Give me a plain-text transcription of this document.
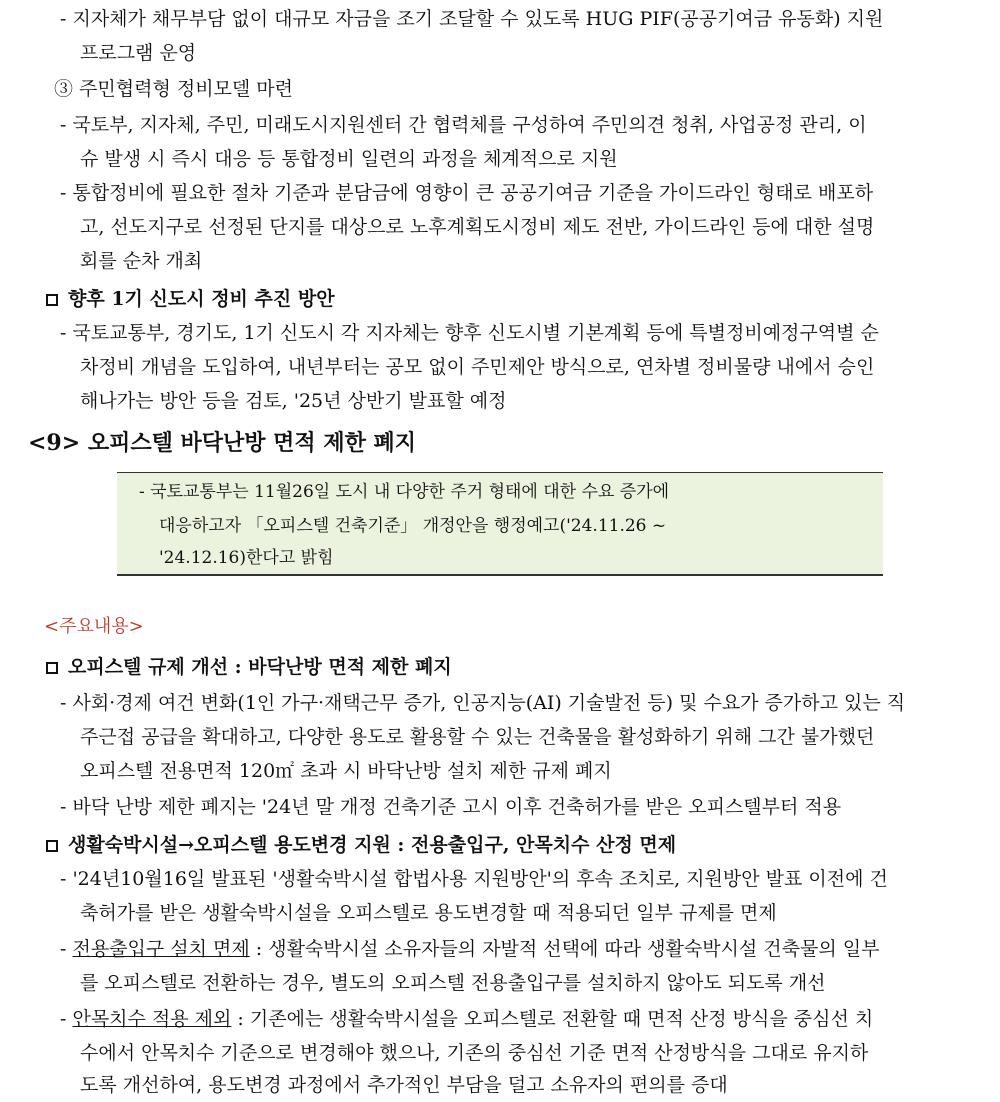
- 지자체가 채무부담 없이 대규모 자금을 조기 조달할 수 있도록 HUG PIF(공공기여금 유동화) 지원
프로그램 운영
③ 주민협력형 정비모델 마련
- 국토부, 지자체, 주민, 미래도시지원센터 간 협력체를 구성하여 주민의견 청취, 사업공정 관리, 이
슈 발생 시 즉시 대응 등 통합정비 일련의 과정을 체계적으로 지원
- 통합정비에 필요한 절차 기준과 분담금에 영향이 큰 공공기여금 기준을 가이드라인 형태로 배포하
고, 선도지구로 선정된 단지를 대상으로 노후계획도시정비 제도 전반, 가이드라인 등에 대한 설명
회를 순차 개최
향후 1기 신도시 정비 추진 방안
- 국토교통부, 경기도, 1기 신도시 각 지자체는 향후 신도시별 기본계획 등에 특별정비예정구역별 순
차정비 개념을 도입하여, 내년부터는 공모 없이 주민제안 방식으로, 연차별 정비물량 내에서 승인
해나가는 방안 등을 검토, '25년 상반기 발표할 예정
<9> 오피스텔 바닥난방 면적 제한 폐지
- 국토교통부는 11월26일 도시 내 다양한 주거 형태에 대한 수요 증가에
대응하고자 「오피스텔 건축기준」 개정안을 행정예고('24.11.26 ~
'24.12.16)한다고 밝힘
<주요내용>
오피스텔 규제 개선 : 바닥난방 면적 제한 폐지
- 사회·경제 여건 변화(1인 가구·재택근무 증가, 인공지능(AI) 기술발전 등) 및 수요가 증가하고 있는 직
주근접 공급을 확대하고, 다양한 용도로 활용할 수 있는 건축물을 활성화하기 위해 그간 불가했던
오피스텔 전용면적 120㎡ 초과 시 바닥난방 설치 제한 규제 폐지
- 바닥 난방 제한 폐지는 '24년 말 개정 건축기준 고시 이후 건축허가를 받은 오피스텔부터 적용
생활숙박시설→오피스텔 용도변경 지원 : 전용출입구, 안목치수 산정 면제
- '24년10월16일 발표된 '생활숙박시설 합법사용 지원방안'의 후속 조치로, 지원방안 발표 이전에 건
축허가를 받은 생활숙박시설을 오피스텔로 용도변경할 때 적용되던 일부 규제를 면제
- 전용출입구 설치 면제 : 생활숙박시설 소유자들의 자발적 선택에 따라 생활숙박시설 건축물의 일부
를 오피스텔로 전환하는 경우, 별도의 오피스텔 전용출입구를 설치하지 않아도 되도록 개선
- 안목치수 적용 제외 : 기존에는 생활숙박시설을 오피스텔로 전환할 때 면적 산정 방식을 중심선 치
수에서 안목치수 기준으로 변경해야 했으나, 기존의 중심선 기준 면적 산정방식을 그대로 유지하
도록 개선하여, 용도변경 과정에서 추가적인 부담을 덜고 소유자의 편의를 증대
